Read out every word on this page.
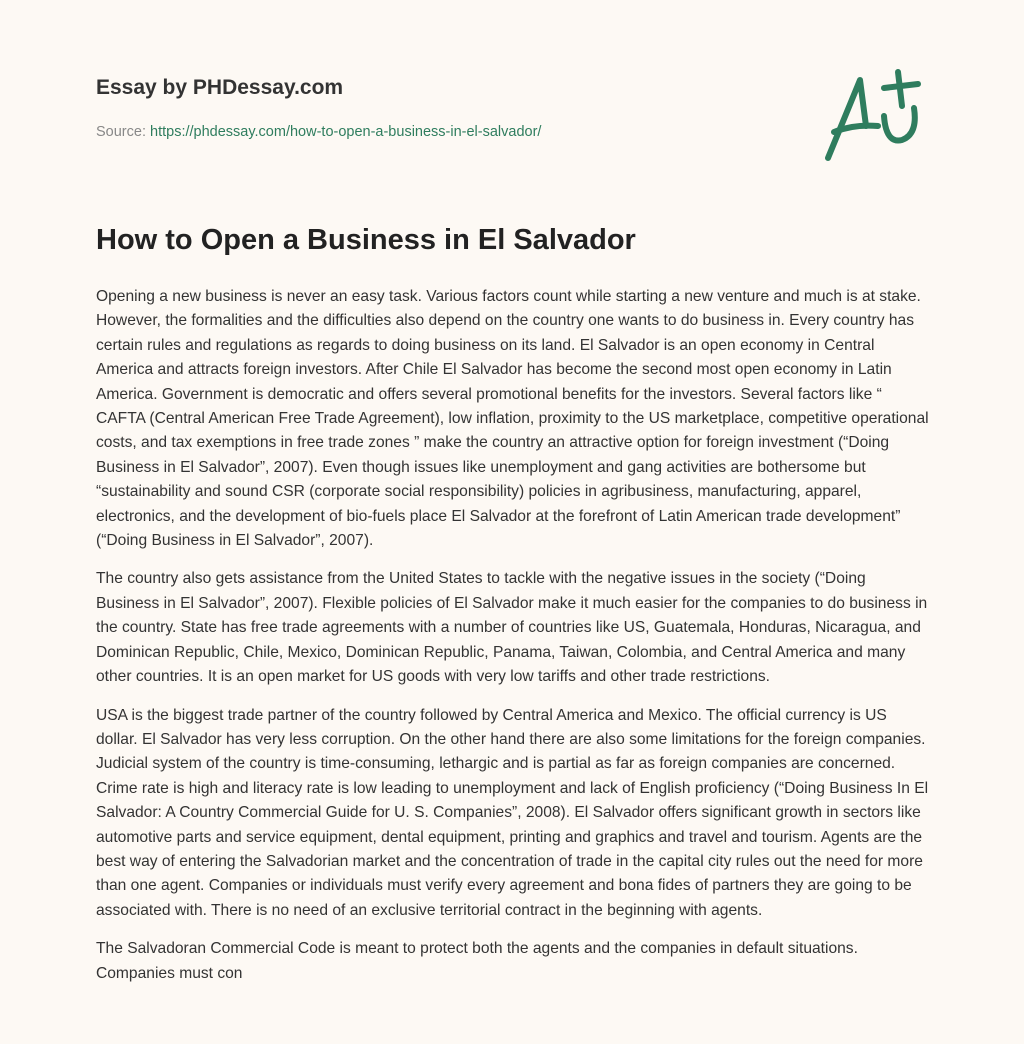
Essay by PHDessay.com
Source: https://phdessay.com/how-to-open-a-business-in-el-salvador/
How to Open a Business in El Salvador

Opening a new business is never an easy task. Various factors count while starting a new venture and much is at stake. However, the formalities and the difficulties also depend on the country one wants to do business in. Every country has certain rules and regulations as regards to doing business on its land. El Salvador is an open economy in Central America and attracts foreign investors. After Chile El Salvador has become the second most open economy in Latin America. Government is democratic and offers several promotional benefits for the investors. Several factors like “ CAFTA (Central American Free Trade Agreement), low inflation, proximity to the US marketplace, competitive operational costs, and tax exemptions in free trade zones ” make the country an attractive option for foreign investment (“Doing Business in El Salvador”, 2007). Even though issues like unemployment and gang activities are bothersome but “sustainability and sound CSR (corporate social responsibility) policies in agribusiness, manufacturing, apparel, electronics, and the development of bio-fuels place El Salvador at the forefront of Latin American trade development” (“Doing Business in El Salvador”, 2007).

The country also gets assistance from the United States to tackle with the negative issues in the society (“Doing Business in El Salvador”, 2007). Flexible policies of El Salvador make it much easier for the companies to do business in the country. State has free trade agreements with a number of countries like US, Guatemala, Honduras, Nicaragua, and Dominican Republic, Chile, Mexico, Dominican Republic, Panama, Taiwan, Colombia, and Central America and many other countries. It is an open market for US goods with very low tariffs and other trade restrictions.

USA is the biggest trade partner of the country followed by Central America and Mexico. The official currency is US dollar. El Salvador has very less corruption. On the other hand there are also some limitations for the foreign companies. Judicial system of the country is time-consuming, lethargic and is partial as far as foreign companies are concerned. Crime rate is high and literacy rate is low leading to unemployment and lack of English proficiency (“Doing Business In El Salvador: A Country Commercial Guide for U. S. Companies”, 2008). El Salvador offers significant growth in sectors like automotive parts and service equipment, dental equipment, printing and graphics and travel and tourism. Agents are the best way of entering the Salvadorian market and the concentration of trade in the capital city rules out the need for more than one agent. Companies or individuals must verify every agreement and bona fides of partners they are going to be associated with. There is no need of an exclusive territorial contract in the beginning with agents.

The Salvadoran Commercial Code is meant to protect both the agents and the companies in default situations. Companies must con
